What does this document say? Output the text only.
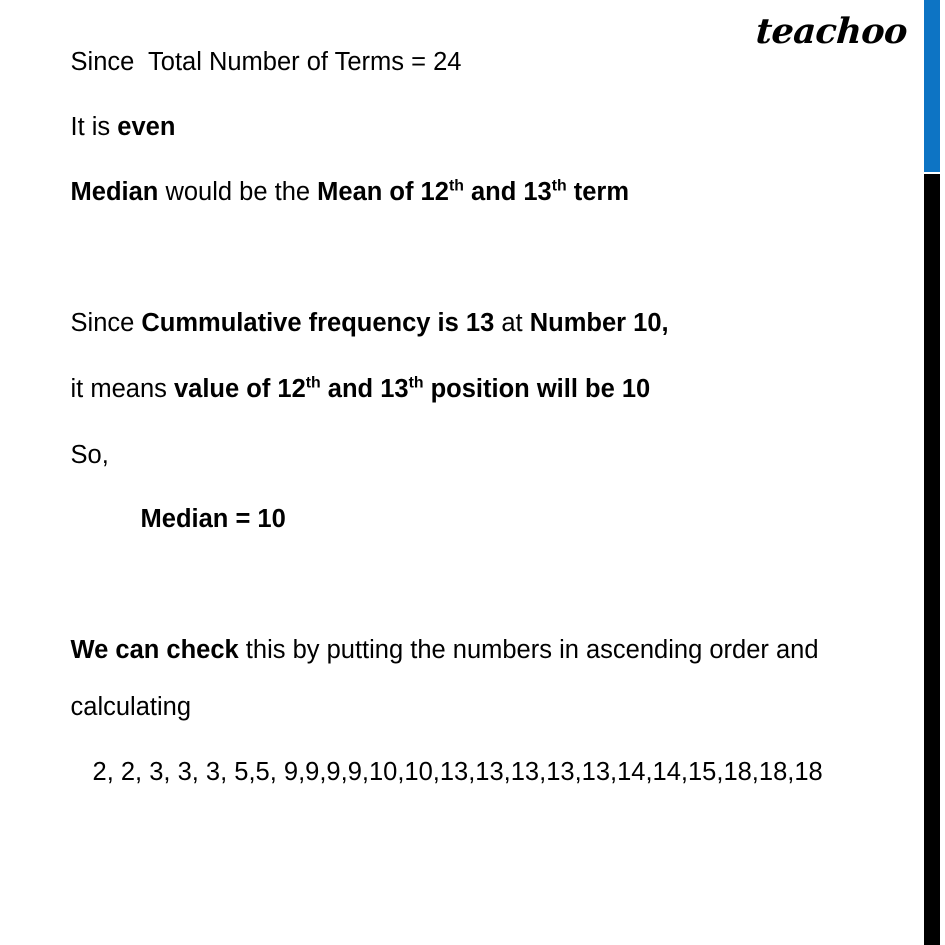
teachoo

Since  Total Number of Terms = 24

It is even

Median would be the Mean of 12th and 13th term

Since Cummulative frequency is 13 at Number 10,

it means value of 12th and 13th position will be 10

So,

Median = 10

We can check this by putting the numbers in ascending order and

calculating

2, 2, 3, 3, 3, 5,5, 9,9,9,9,10,10,13,13,13,13,13,14,14,15,18,18,18
